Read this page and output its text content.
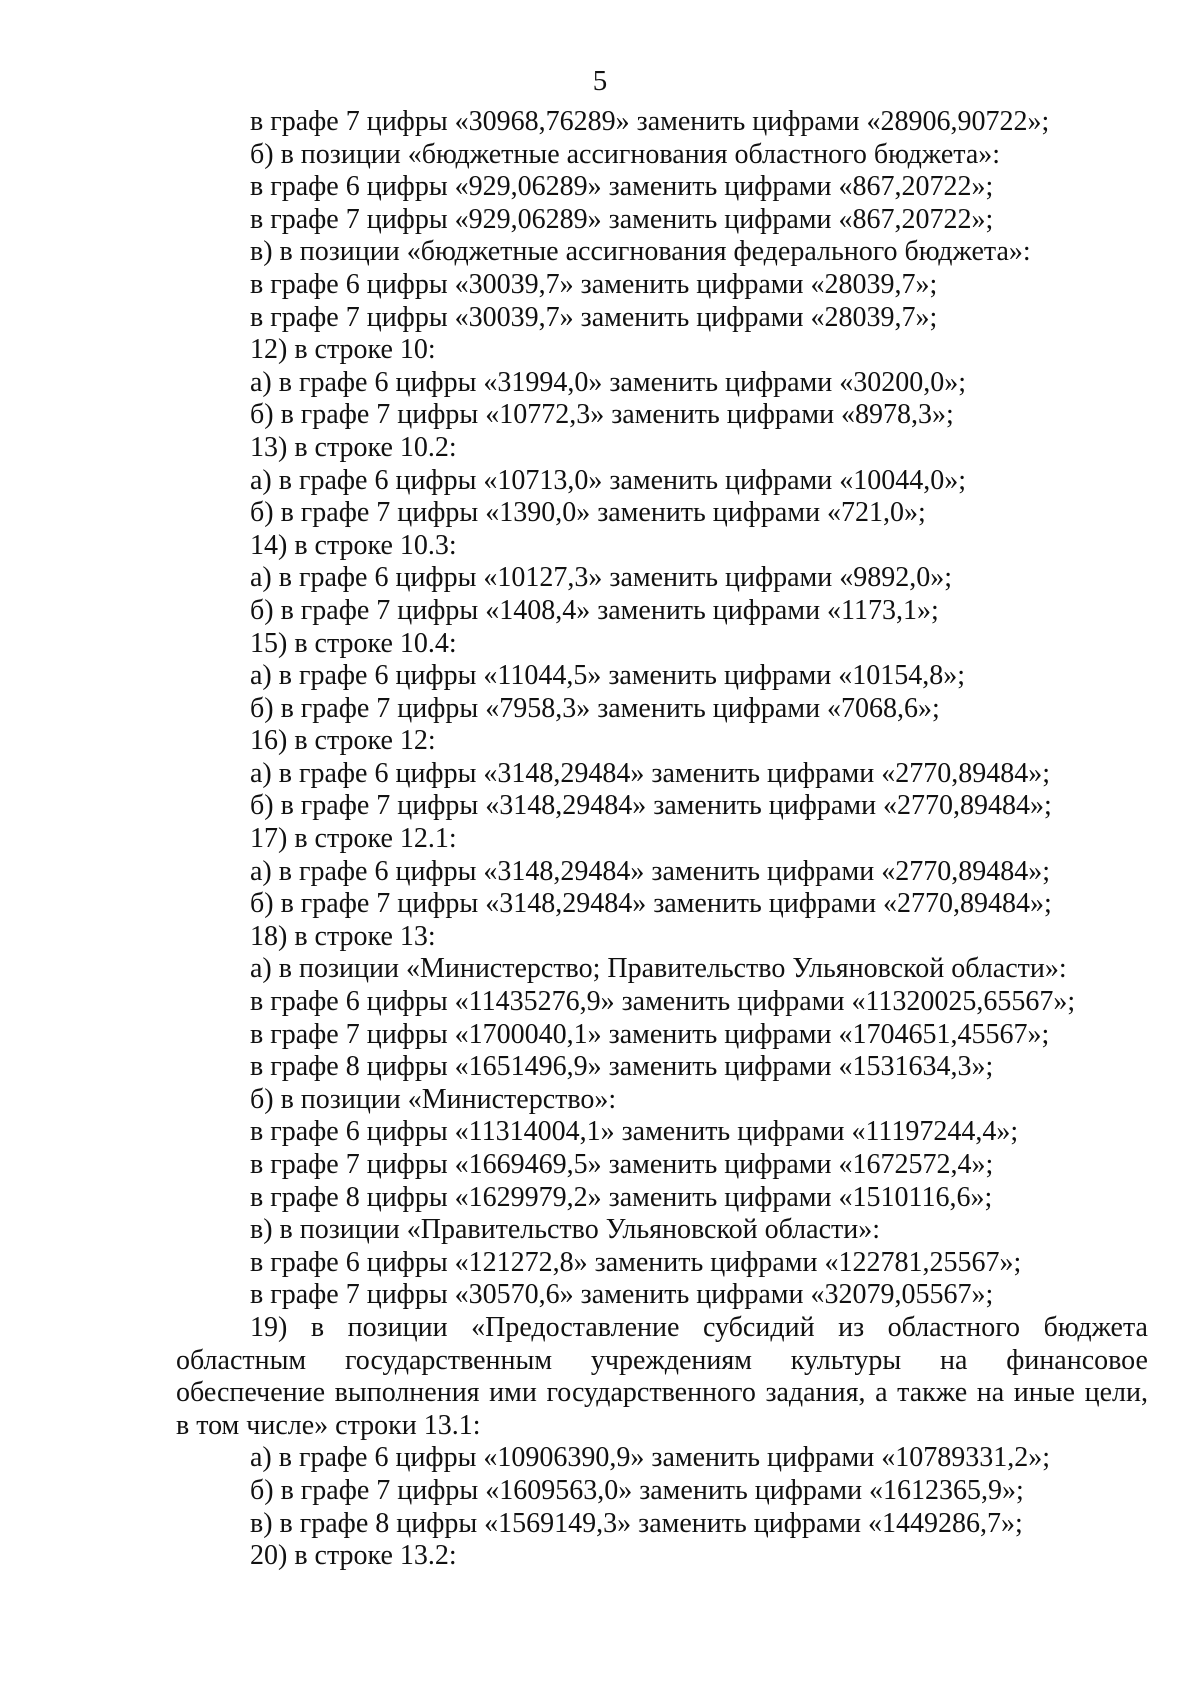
5
в графе 7 цифры «30968,76289» заменить цифрами «28906,90722»;
б) в позиции «бюджетные ассигнования областного бюджета»:
в графе 6 цифры «929,06289» заменить цифрами «867,20722»;
в графе 7 цифры «929,06289» заменить цифрами «867,20722»;
в) в позиции «бюджетные ассигнования федерального бюджета»:
в графе 6 цифры «30039,7» заменить цифрами «28039,7»;
в графе 7 цифры «30039,7» заменить цифрами «28039,7»;
12) в строке 10:
а) в графе 6 цифры «31994,0» заменить цифрами «30200,0»;
б) в графе 7 цифры «10772,3» заменить цифрами «8978,3»;
13) в строке 10.2:
а) в графе 6 цифры «10713,0» заменить цифрами «10044,0»;
б) в графе 7 цифры «1390,0» заменить цифрами «721,0»;
14) в строке 10.3:
а) в графе 6 цифры «10127,3» заменить цифрами «9892,0»;
б) в графе 7 цифры «1408,4» заменить цифрами «1173,1»;
15) в строке 10.4:
а) в графе 6 цифры «11044,5» заменить цифрами «10154,8»;
б) в графе 7 цифры «7958,3» заменить цифрами «7068,6»;
16) в строке 12:
а) в графе 6 цифры «3148,29484» заменить цифрами «2770,89484»;
б) в графе 7 цифры «3148,29484» заменить цифрами «2770,89484»;
17) в строке 12.1:
а) в графе 6 цифры «3148,29484» заменить цифрами «2770,89484»;
б) в графе 7 цифры «3148,29484» заменить цифрами «2770,89484»;
18) в строке 13:
а) в позиции «Министерство; Правительство Ульяновской области»:
в графе 6 цифры «11435276,9» заменить цифрами «11320025,65567»;
в графе 7 цифры «1700040,1» заменить цифрами «1704651,45567»;
в графе 8 цифры «1651496,9» заменить цифрами «1531634,3»;
б) в позиции «Министерство»:
в графе 6 цифры «11314004,1» заменить цифрами «11197244,4»;
в графе 7 цифры «1669469,5» заменить цифрами «1672572,4»;
в графе 8 цифры «1629979,2» заменить цифрами «1510116,6»;
в) в позиции «Правительство Ульяновской области»:
в графе 6 цифры «121272,8» заменить цифрами «122781,25567»;
в графе 7 цифры «30570,6» заменить цифрами «32079,05567»;
19) в позиции «Предоставление субсидий из областного бюджета
областным государственным учреждениям культуры на финансовое
обеспечение выполнения ими государственного задания, а также на иные цели,
в том числе» строки 13.1:
а) в графе 6 цифры «10906390,9» заменить цифрами «10789331,2»;
б) в графе 7 цифры «1609563,0» заменить цифрами «1612365,9»;
в) в графе 8 цифры «1569149,3» заменить цифрами «1449286,7»;
20) в строке 13.2:
